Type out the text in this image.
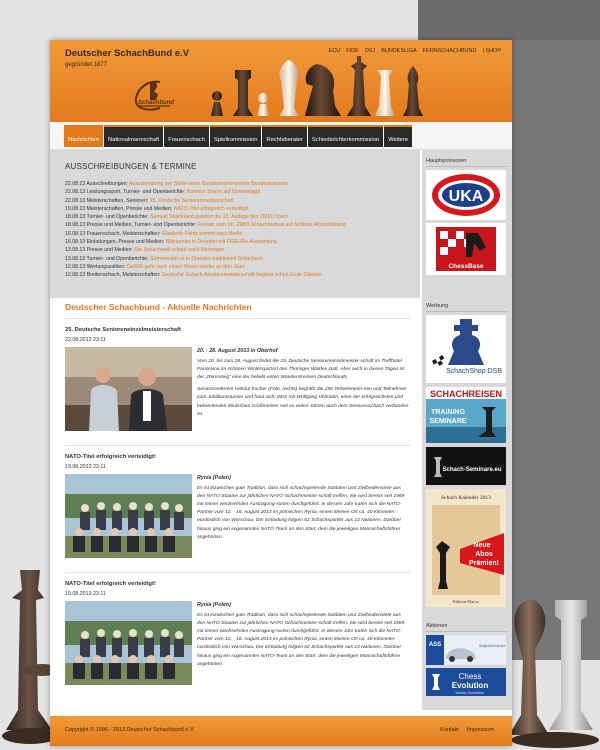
Deutscher SchachBund e.V
gegründet 1877
Schachbund
ECU	FIDE	DSJ	BUNDESLIGA	FERNSCHACHBUND	| SHOP
Nachrichten	Nationalmannschaft	Frauenschach	Spielkommission	Rechtsberater	Schiedsrichterkommission	Weitere
AUSSCHREIBUNGEN & TERMINE
22.08.13 Ausschreibungen: Ausschreibung der Stelle eines Bundestrainers/einer Bundestrainerin
22.08.13 Leistungssport, Turnier- und Openberichte: Rasmus Svane auf Normenjagd
22.08.13 Meisterschaften, Senioren: 25. Deutsche Seniorenmeisterschaft
19.08.13 Meisterschaften, Presse und Medien: NATO-Titel erfolgreich verteidigt!
18.08.13 Turnier- und Openberichte: Samuel Shankland gewinnt die 22. Auflage des ZMDI Open!
18.08.13 Presse und Medien, Turnier- und Openberichte: Festakt zum XII. ZMDI Schachfestival auf Schloss Albrechtsberg
16.08.13 Frauenschach, Meisterschaften: Elisabeth Pähtz kommt nach Berlin
16.08.13 Einladungen, Presse und Medien: Blitzturnier in Dresden mit FIDE-Elo-Auswertung
13.08.13 Presse und Medien: Die Schachwelt schaut nach Norwegen
13.08.13 Turnier- und Openberichte: Sommerzeit ist in Dresden traditionell Schachzeit
12.08.13 Wertungszahlen: DeWiS geht nach einem Reset wieder an den Start
12.08.13 Breitenschach, Meisterschaften: Deutsche Schach-Amateurmeisterschaft beginnt schon Ende Oktober
Hauptsponsoren
UKA
ChessBase
Werbung
SchachShop DSB
SCHACHREISEN
TRAINING
SEMINARE
Schach-Seminare.eu
Schach Kalender 2013
Neue
Abos
Prämien!
Edition Marco
Aktionen
ASS	Günstige Autos für den Sport
Chess
Evolution
Weekly Newsletter
Deutscher Schachbund - Aktuelle Nachrichten
25. Deutsche Senioreneinzelmeisterschaft
22.08.2013 23:11
20. - 28. August 2013 in Oberhof

Vom 20. bis zum 28. August findet die 25. Deutsche Senioreneinzelmeister-schaft im Treffhotel Panorama im schönen Wintersportort des Thüringer Waldes statt. Aber auch in diesen Tagen ist der „Rennsteig“ eine der beliebt-esten Wanderstrecken Deutschlands.
Seniorenreferent Helmut Escher (Foto, rechts) begrüßt die 256 Teilnehmerin-nen und Teilnehmer zum Jubiläumsturnier und freut sich, dass mit Wolfgang Uhlmann, einer der erfolgreichsten und bekanntesten deutschen Großmeister seit so vielen Jahren auch dem Seniorenschach verbunden ist.
NATO-Titel erfolgreich verteidigt!
19.08.2013 23:11
Rynia (Polen)

Es ist inzwischen gute Tradition, dass sich schachspielende Soldaten und Zivilbedienstete aus den NATO-Staaten zur jährlichen NATO-Schachmeister-schaft treffen. Sie wird bereits seit 1989 mit immer wechselnden Austragung-sorten durchgeführt. In diesem Jahr trafen sich die NATO-Partner vom 12. - 16. August 2013 im polnischen Rynia, einem kleinen Ort ca. 40 Kilometer nordöstlich von Warschau. Der Einladung folgten 62 Schachsportler aus 13 Nationen. Darüber hinaus ging ein sogenanntes NATO-Team an den Start, dem die jeweiligen Mannschaftsführer angehörten.
NATO-Titel erfolgreich verteidigt!
19.08.2013 23:11
Rynia (Polen)

Es ist inzwischen gute Tradition, dass sich schachspielende Soldaten und Zivilbedienstete aus den NATO-Staaten zur jährlichen NATO-Schachmeister-schaft treffen. Sie wird bereits seit 1989 mit immer wechselnden Austragung-sorten durchgeführt. In diesem Jahr trafen sich die NATO-Partner vom 12. - 16. August 2013 im polnischen Rynia, einem kleinen Ort ca. 40 Kilometer nordöstlich von Warschau. Der Einladung folgten 62 Schachsportler aus 13 Nationen. Darüber hinaus ging ein sogenanntes NATO-Team an den Start, dem die jeweiligen Mannschaftsführer angehörten.
Copyright © 1996 - 2013 Deutscher Schachbund e.V.	Kontakt Impressum
